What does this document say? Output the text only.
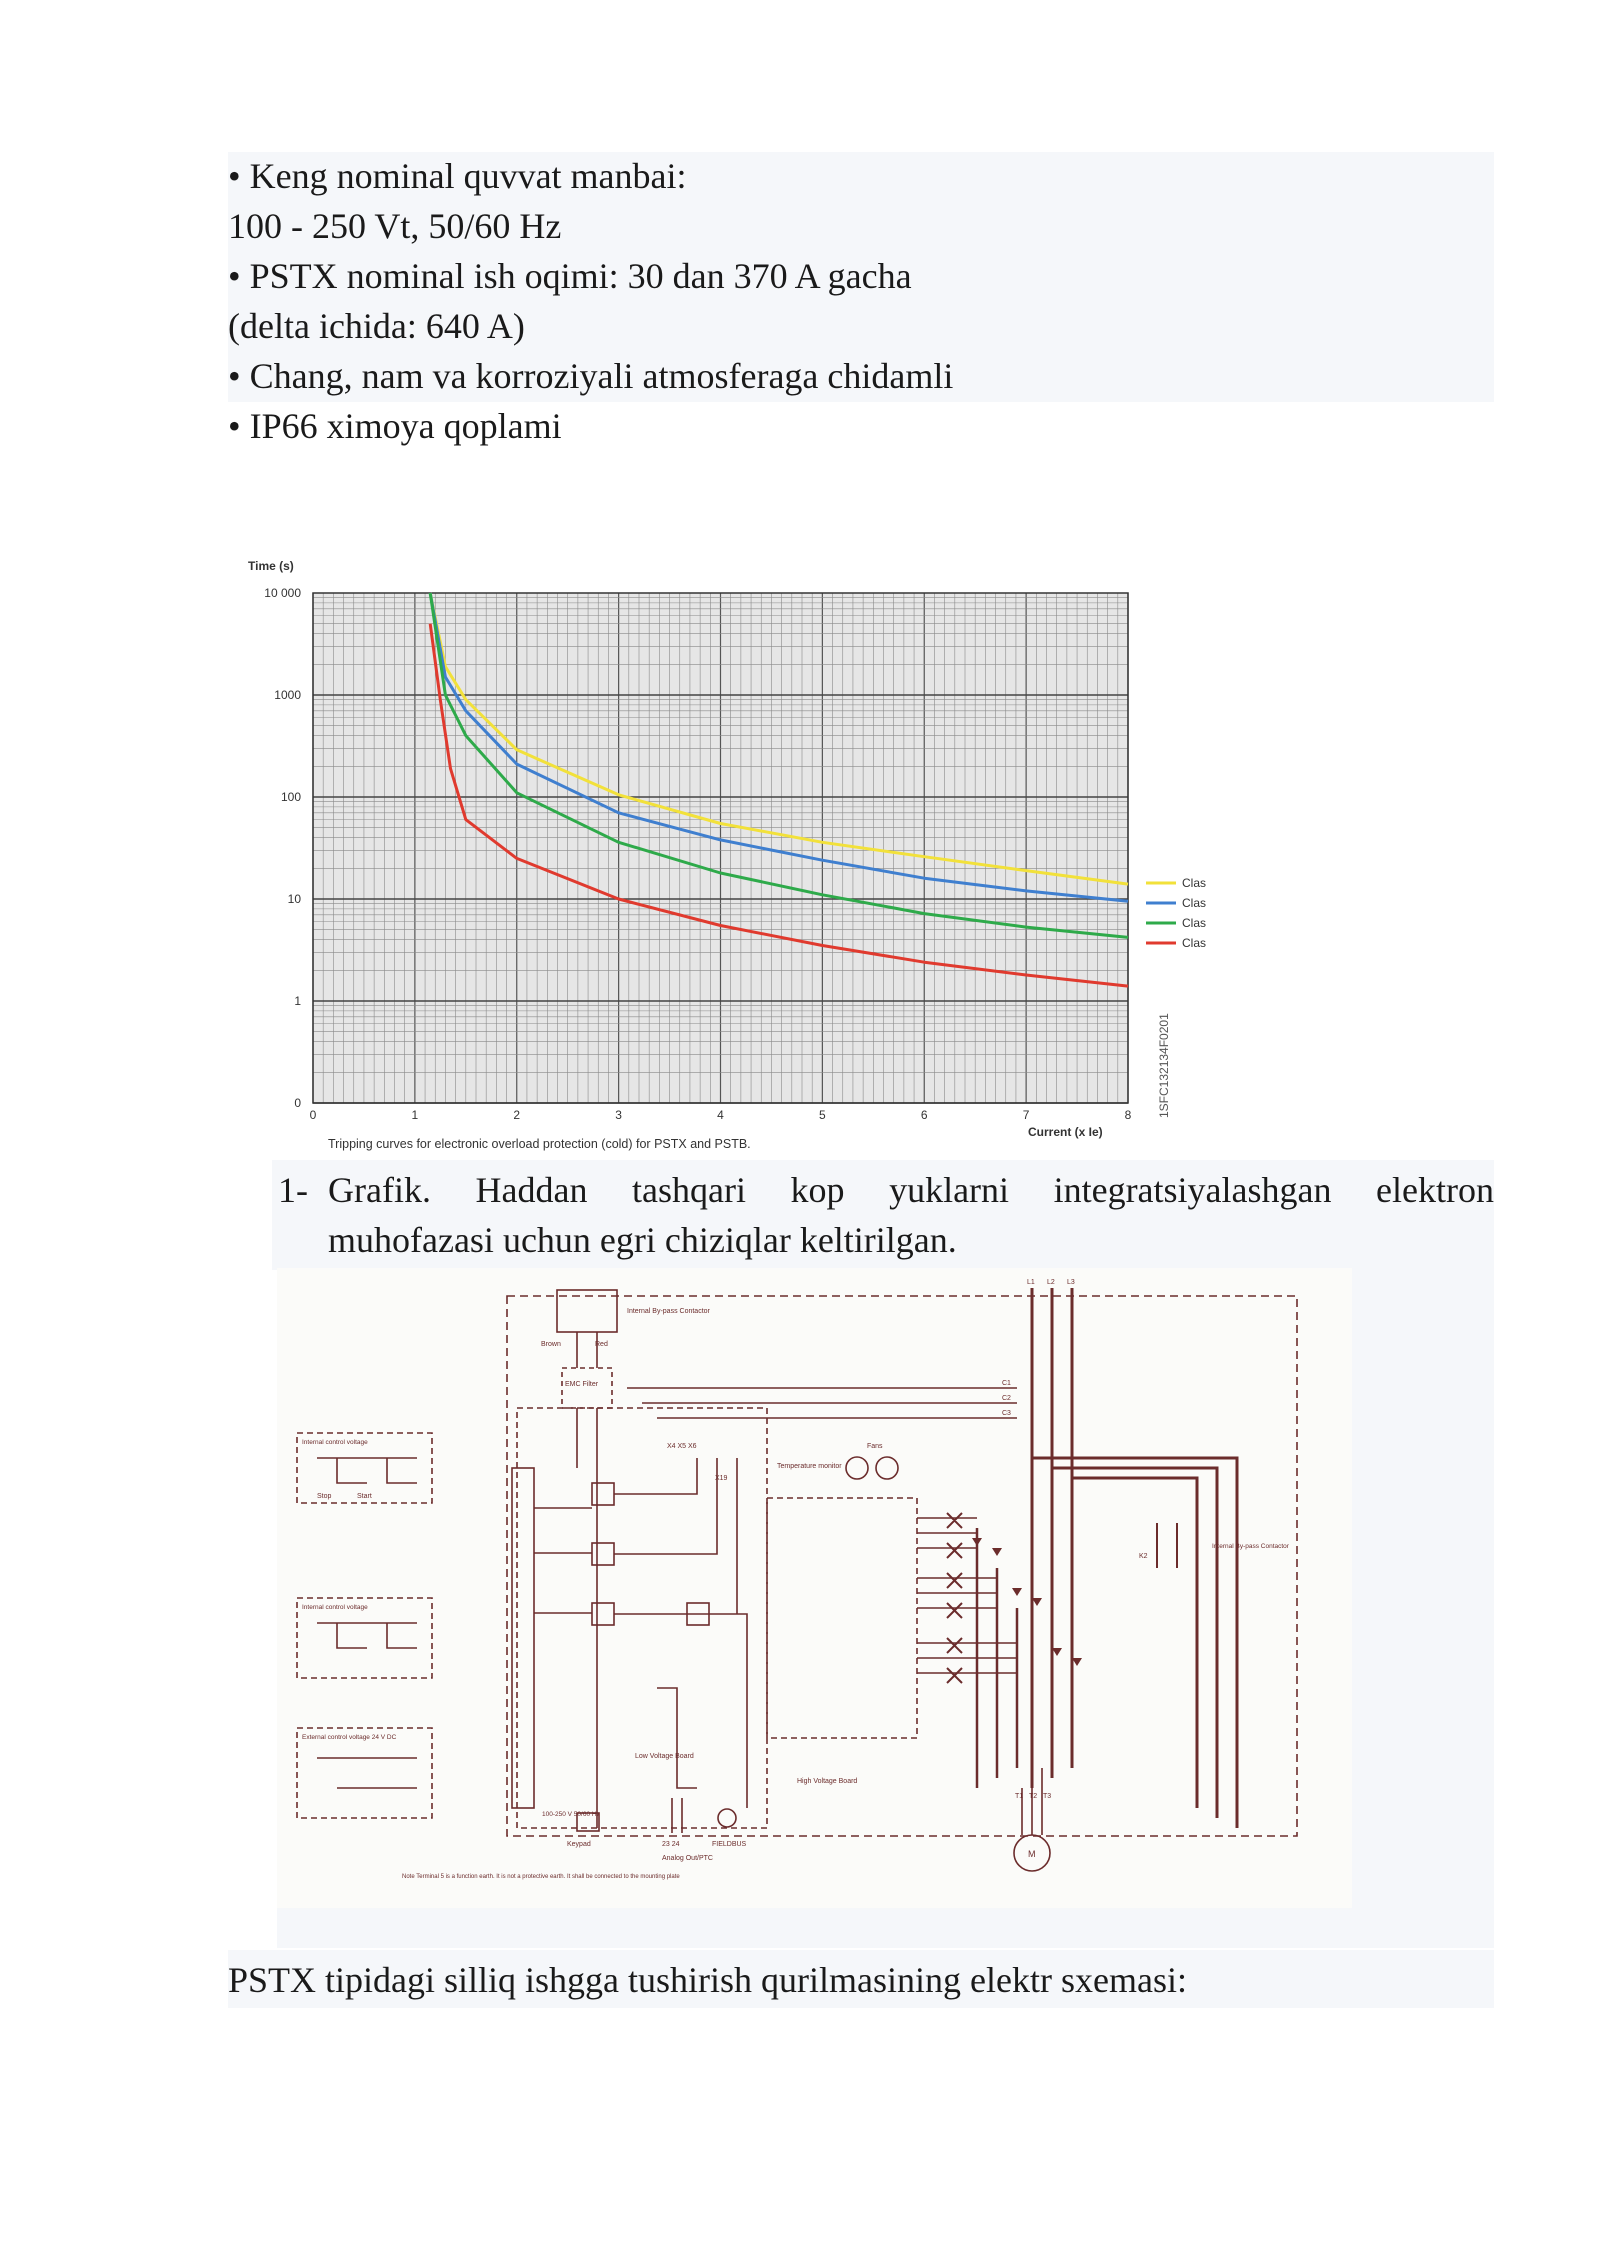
• Keng nominal quvvat manbai:
100 - 250 Vt, 50/60 Hz
• PSTX nominal ish oqimi: 30 dan 370 A gacha
(delta ichida: 640 A)
• Chang, nam va korroziyali atmosferaga chidamli
• IP66 ximoya qoplami
0
1
10
100
1000
10 000
0	1	2	3	4	5	6	7	8
Clas
Clas
Clas
Clas
Time (s)
Current (x Ie)
Tripping curves for electronic overload protection (cold) for PSTX and PSTB.
1SFC132134F0201
1- Grafik. Haddan tashqari kop yuklarni integratsiyalashgan elektron
muhofazasi uchun egri chiziqlar keltirilgan.
Internal By-pass Contactor
Brown	Red
EMC Filter
X4 X5 X6
X19
Temperature monitor
Fans
Low Voltage Board
High Voltage Board
Keypad
Analog Out/PTC
23 24	FIELDBUS
100-250 V 50/60 Hz
Internal control voltage
Internal control voltage
External control voltage 24 V DC
Stop	Start
C1
C2
C3
L1 L2 L3
T1 T2 T3
M
K2
Internal By-pass Contactor
Note Terminal 5 is a function earth. It is not a protective earth. It shall be connected to the mounting plate
PSTX tipidagi silliq ishgga tushirish qurilmasining elektr sxemasi:
